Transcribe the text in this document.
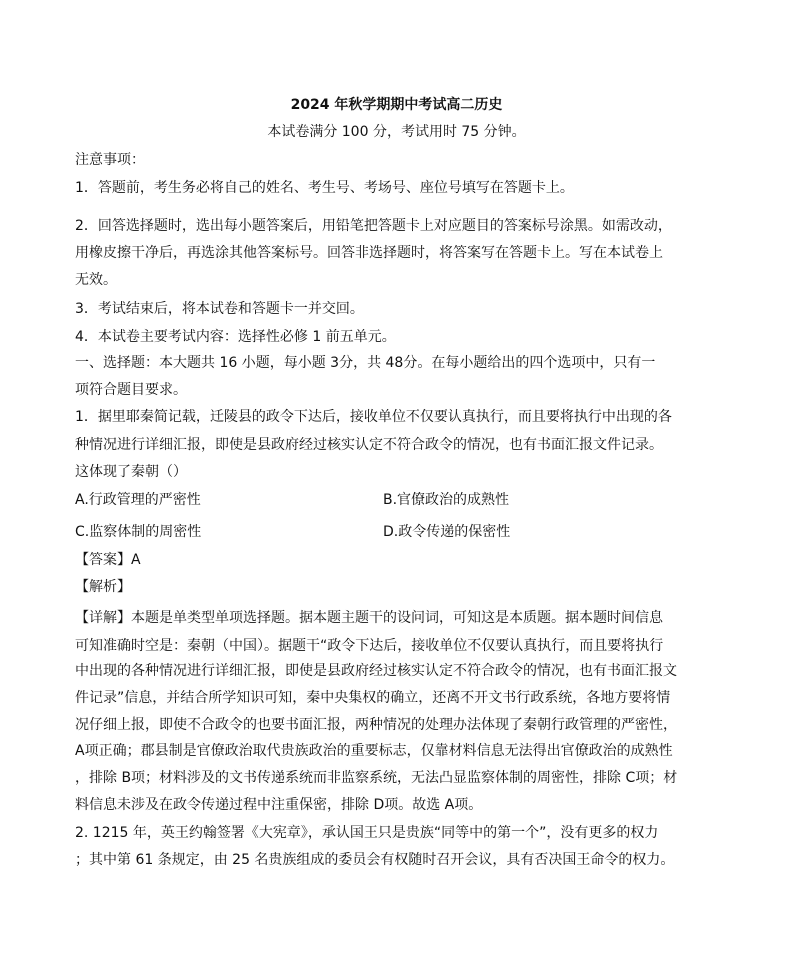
2024 年秋学期期中考试高二历史
本试卷满分 100 分，考试用时 75 分钟。
注意事项：
1．答题前，考生务必将自己的姓名、考生号、考场号、座位号填写在答题卡上。
2．回答选择题时，选出每小题答案后，用铅笔把答题卡上对应题目的答案标号涂黑。如需改动，
用橡皮擦干净后，再选涂其他答案标号。回答非选择题时，将答案写在答题卡上。写在本试卷上
无效。
3．考试结束后，将本试卷和答题卡一并交回。
4．本试卷主要考试内容：选择性必修 1 前五单元。
一、选择题：本大题共 16 小题，每小题 3分，共 48分。在每小题给出的四个选项中，只有一
项符合题目要求。
1．据里耶秦简记载，迁陵县的政令下达后，接收单位不仅要认真执行，而且要将执行中出现的各
种情况进行详细汇报，即使是县政府经过核实认定不符合政令的情况，也有书面汇报文件记录。
这体现了秦朝（）
A.行政管理的严密性	B.官僚政治的成熟性
C.监察体制的周密性	D.政令传递的保密性
【答案】A
【解析】
【详解】本题是单类型单项选择题。据本题主题干的设问词，可知这是本质题。据本题时间信息
可知准确时空是：秦朝（中国）。据题干“政令下达后，接收单位不仅要认真执行，而且要将执行
中出现的各种情况进行详细汇报，即使是县政府经过核实认定不符合政令的情况，也有书面汇报文
件记录”信息，并结合所学知识可知，秦中央集权的确立，还离不开文书行政系统，各地方要将情
况仔细上报，即使不合政令的也要书面汇报，两种情况的处理办法体现了秦朝行政管理的严密性，
A项正确；郡县制是官僚政治取代贵族政治的重要标志，仅靠材料信息无法得出官僚政治的成熟性
，排除 B项；材料涉及的文书传递系统而非监察系统，无法凸显监察体制的周密性，排除 C项；材
料信息未涉及在政令传递过程中注重保密，排除 D项。故选 A项。
2. 1215 年，英王约翰签署《大宪章》，承认国王只是贵族“同等中的第一个”，没有更多的权力
；其中第 61 条规定，由 25 名贵族组成的委员会有权随时召开会议，具有否决国王命令的权力。
